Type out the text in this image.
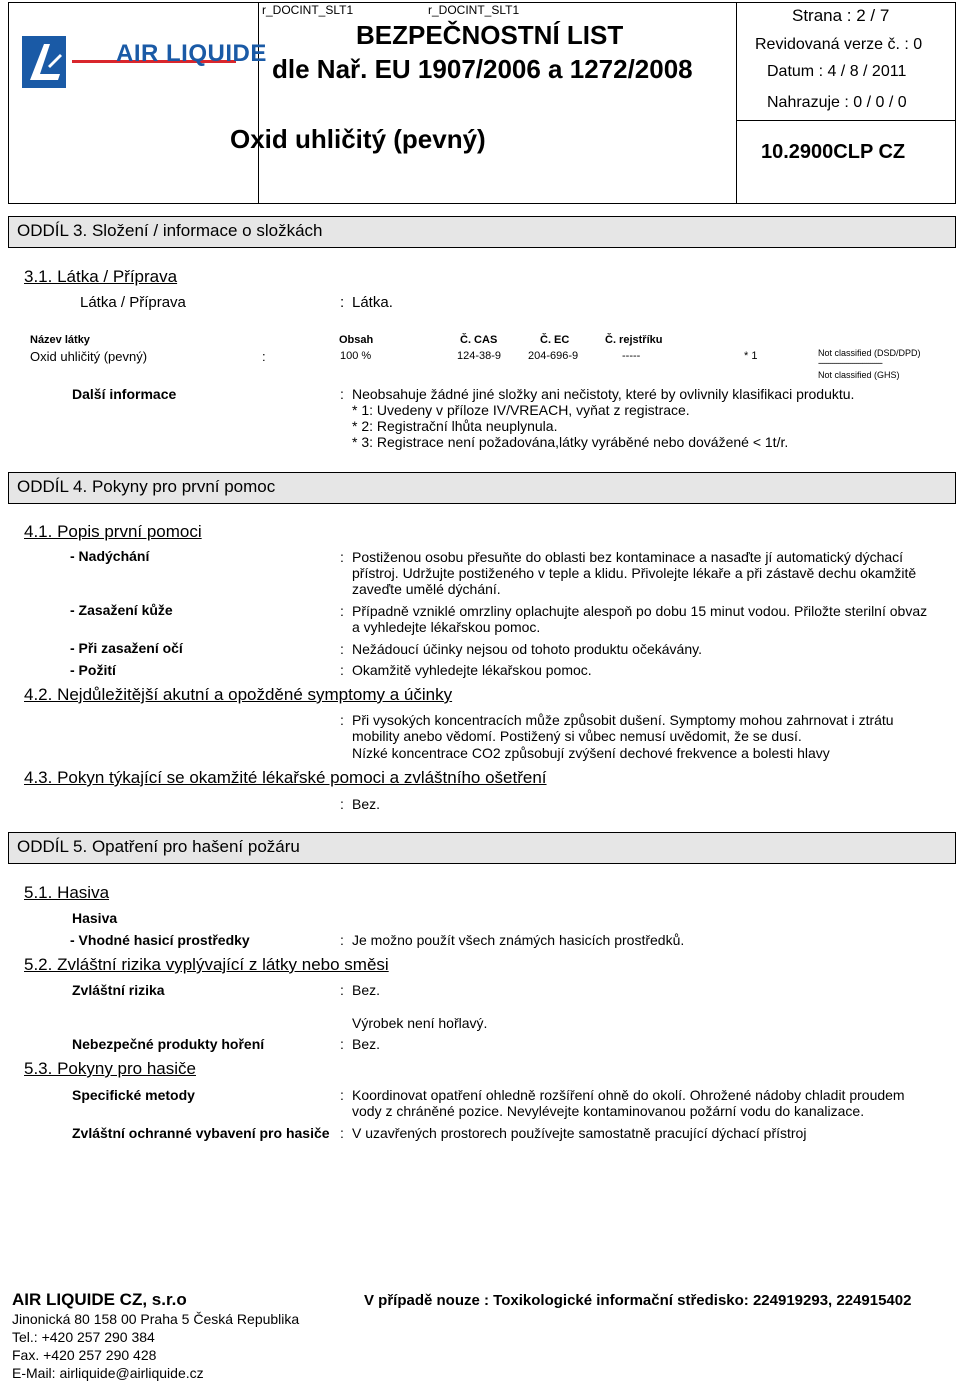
AIR LIQUIDE
r_DOCINT_SLT1	r_DOCINT_SLT1
BEZPEČNOSTNÍ LIST
dle Nař. EU 1907/2006 a 1272/2008
Oxid uhličitý (pevný)
Strana : 2 / 7
Revidovaná verze č. : 0
Datum : 4 / 8 / 2011
Nahrazuje : 0 / 0 / 0
10.2900CLP CZ
ODDÍL 3. Složení / informace o složkách
3.1. Látka / Příprava
Látka / Příprava	: Látka.
Název látky	Obsah	Č. CAS	Č. EC	Č. rejstříku
Oxid uhličitý (pevný)	:	100 %	124-38-9 204-696-9	-----	* 1	Not classified (DSD/DPD)
--------------------------------
Not classified (GHS)
Další informace	: Neobsahuje žádné jiné složky ani nečistoty, které by ovlivnily klasifikaci produktu.
* 1: Uvedeny v příloze IV/VREACH, vyňat z registrace.
* 2: Registrační lhůta neuplynula.
* 3: Registrace není požadována,látky vyráběné nebo dovážené < 1t/r.
ODDÍL 4. Pokyny pro první pomoc
4.1. Popis první pomoci
- Nadýchání	: Postiženou osobu přesuňte do oblasti bez kontaminace a nasaďte jí automatický dýchací
přístroj. Udržujte postiženého v teple a klidu. Přivolejte lékaře a při zástavě dechu okamžitě
zaveďte umělé dýchání.
- Zasažení kůže	: Případně vzniklé omrzliny oplachujte alespoň po dobu 15 minut vodou. Přiložte sterilní obvaz
a vyhledejte lékařskou pomoc.
- Při zasažení očí	: Nežádoucí účinky nejsou od tohoto produktu očekávány.
- Požití	: Okamžitě vyhledejte lékařskou pomoc.
4.2. Nejdůležitější akutní a opožděné symptomy a účinky
: Při vysokých koncentracích může způsobit dušení. Symptomy mohou zahrnovat i ztrátu
mobility anebo vědomí. Postižený si vůbec nemusí uvědomit, že se dusí.
Nízké koncentrace CO2 způsobují zvýšení dechové frekvence a bolesti hlavy
4.3. Pokyn týkající se okamžité lékařské pomoci a zvláštního ošetření
: Bez.
ODDÍL 5. Opatření pro hašení požáru
5.1. Hasiva
Hasiva
- Vhodné hasicí prostředky	: Je možno použít všech známých hasicích prostředků.
5.2. Zvláštní rizika vyplývající z látky nebo směsi
Zvláštní rizika	: Bez.
Výrobek není hořlavý.
Nebezpečné produkty hoření	: Bez.
5.3. Pokyny pro hasiče
Specifické metody	: Koordinovat opatření ohledně rozšíření ohně do okolí. Ohrožené nádoby chladit proudem
vody z chráněné pozice. Nevylévejte kontaminovanou požární vodu do kanalizace.
Zvláštní ochranné vybavení pro hasiče : V uzavřených prostorech používejte samostatně pracující dýchací přístroj
AIR LIQUIDE CZ, s.r.o	V případě nouze : Toxikologické informační středisko: 224919293, 224915402
Jinonická 80 158 00 Praha 5 Česká Republika
Tel.: +420 257 290 384
Fax. +420 257 290 428
E-Mail: airliquide@airliquide.cz
